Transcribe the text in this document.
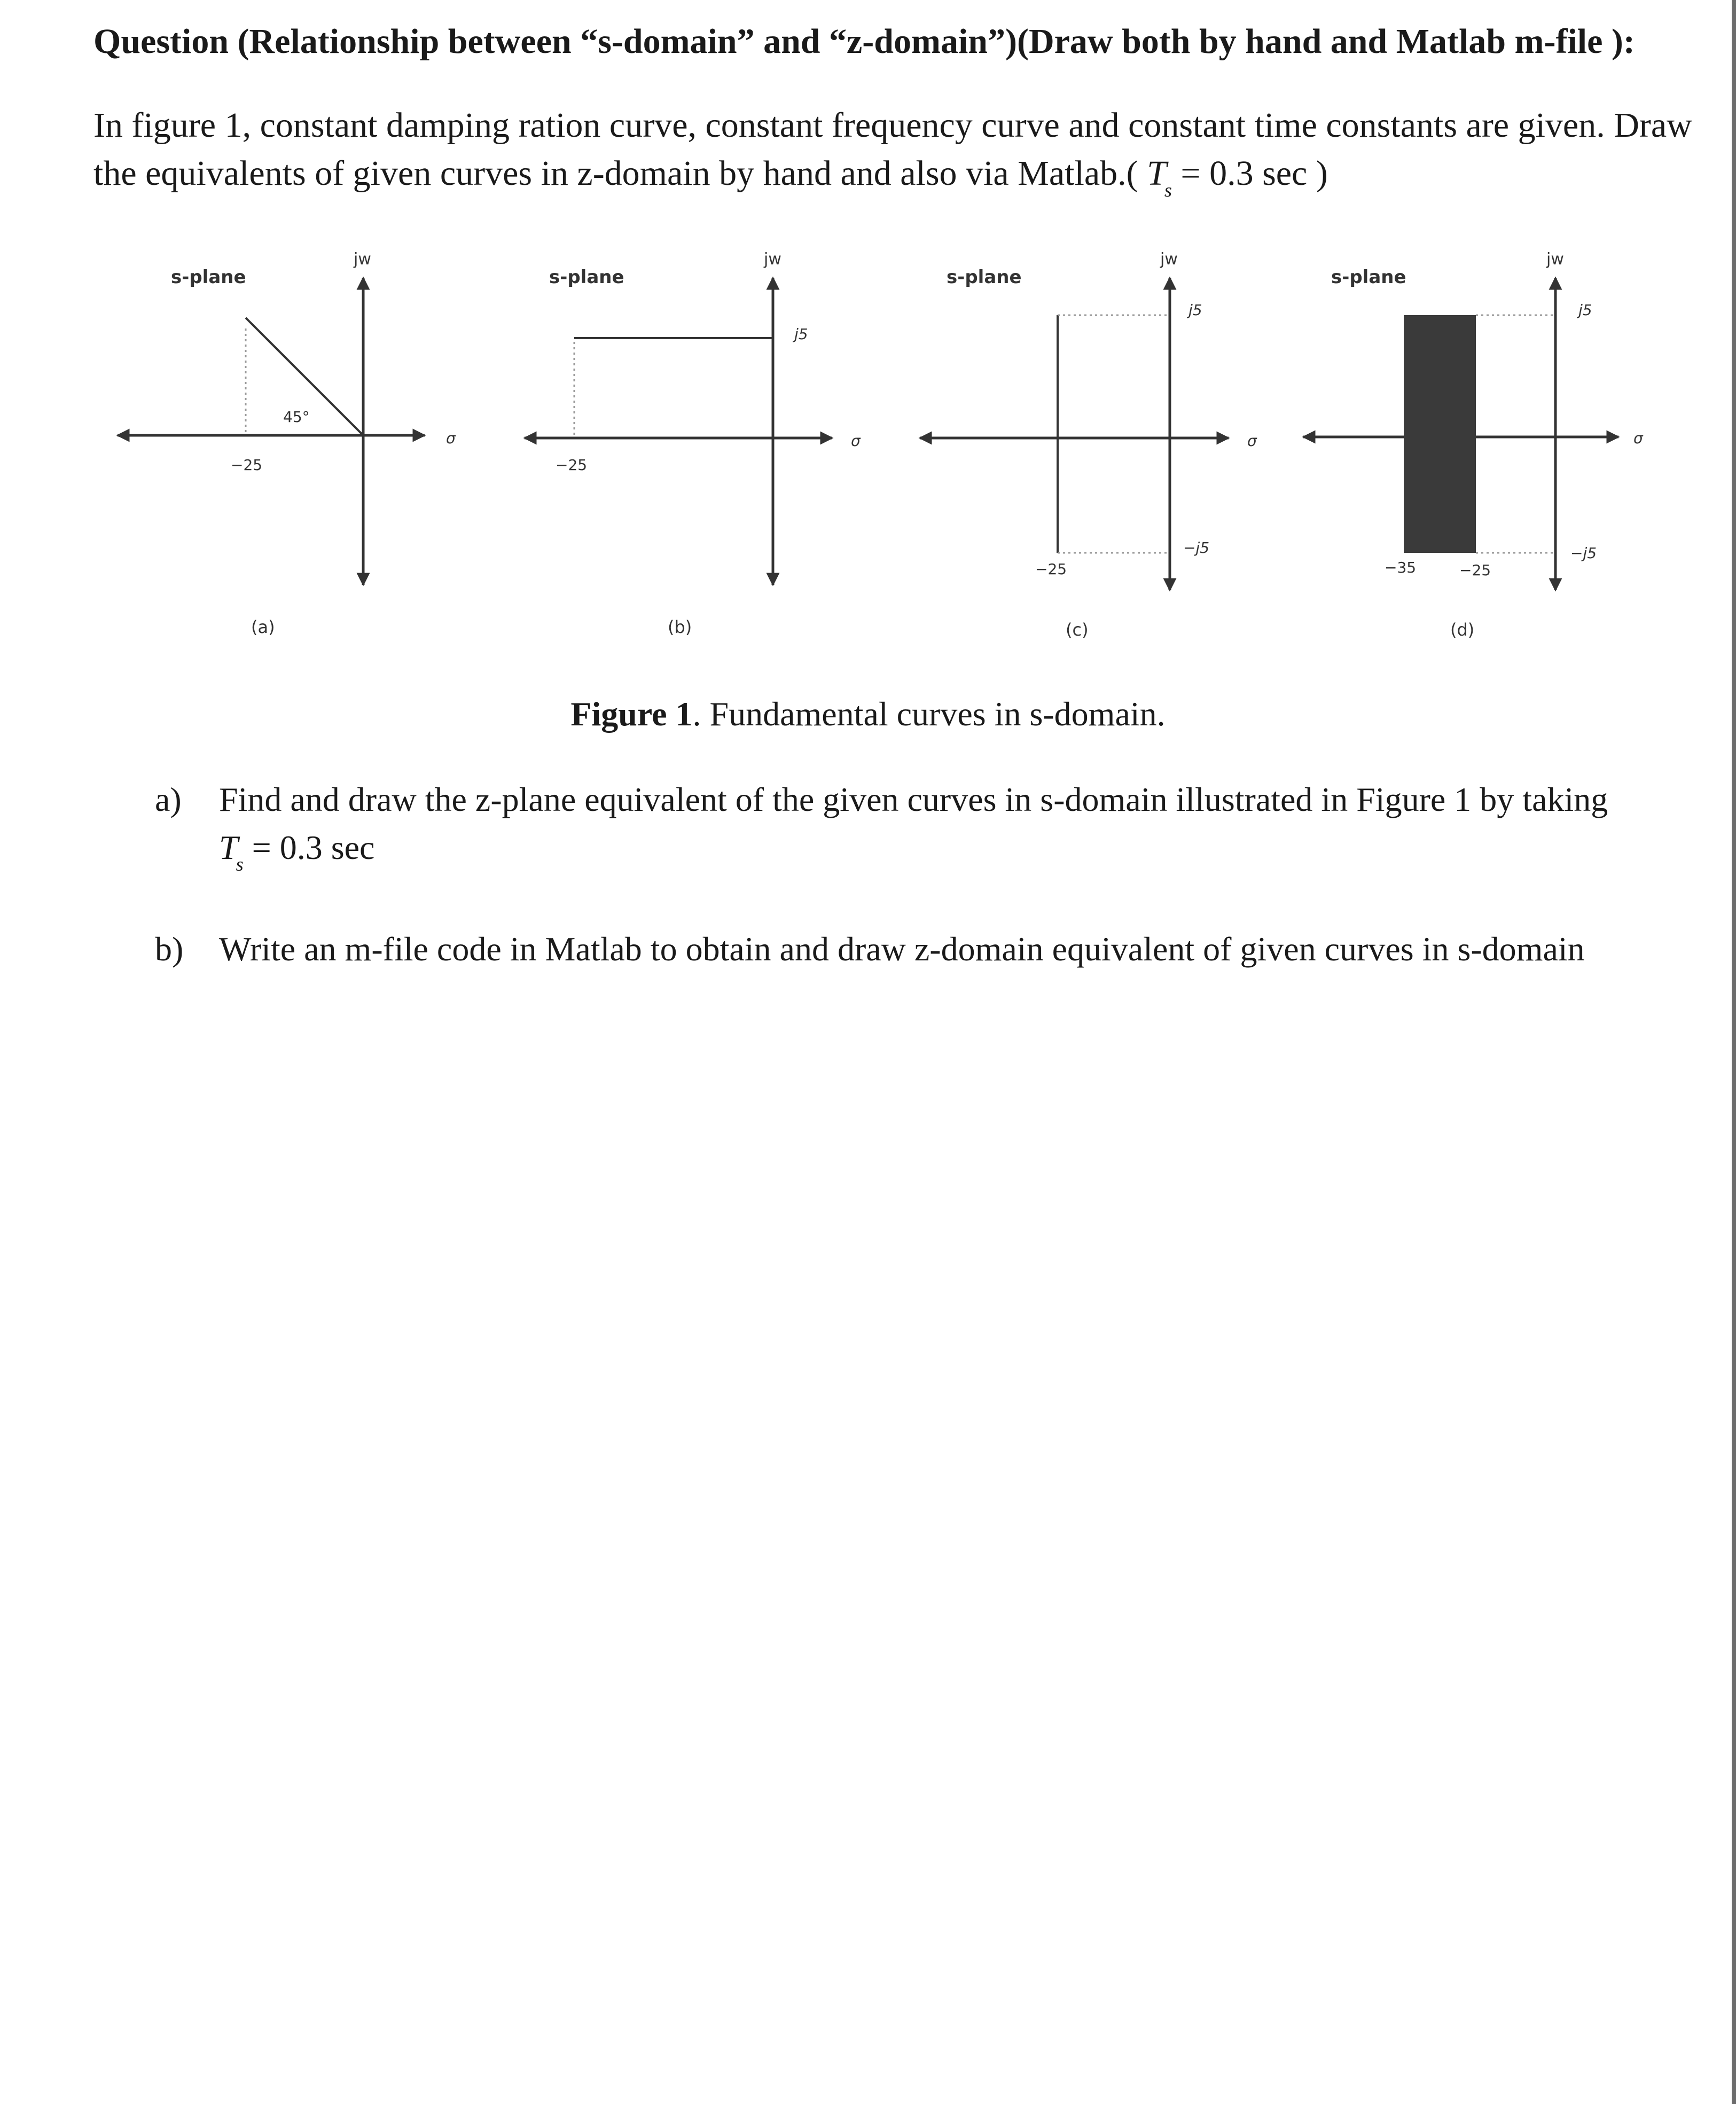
Question (Relationship between “s-domain” and “z-domain”)(Draw both by hand and Matlab m-file ):
In figure 1, constant damping ration curve, constant frequency curve and constant time constants are given. Draw
the equivalents of given curves in z-domain by hand and also via Matlab.( $T_s = 0.3$ sec )
s-plane
jw
σ
45°
−25
(a)
s-plane
jw
σ
j5
−25
(b)
s-plane
jw
σ
j5
−j5
−25
(c)
s-plane
jw
σ
j5
−j5
−35	−25
(d)
Figure 1. Fundamental curves in s-domain.
a) Find and draw the z-plane equivalent of the given curves in s-domain illustrated in Figure 1 by taking
$T_s = 0.3$ sec
b) Write an m-file code in Matlab to obtain and draw z-domain equivalent of given curves in s-domain
